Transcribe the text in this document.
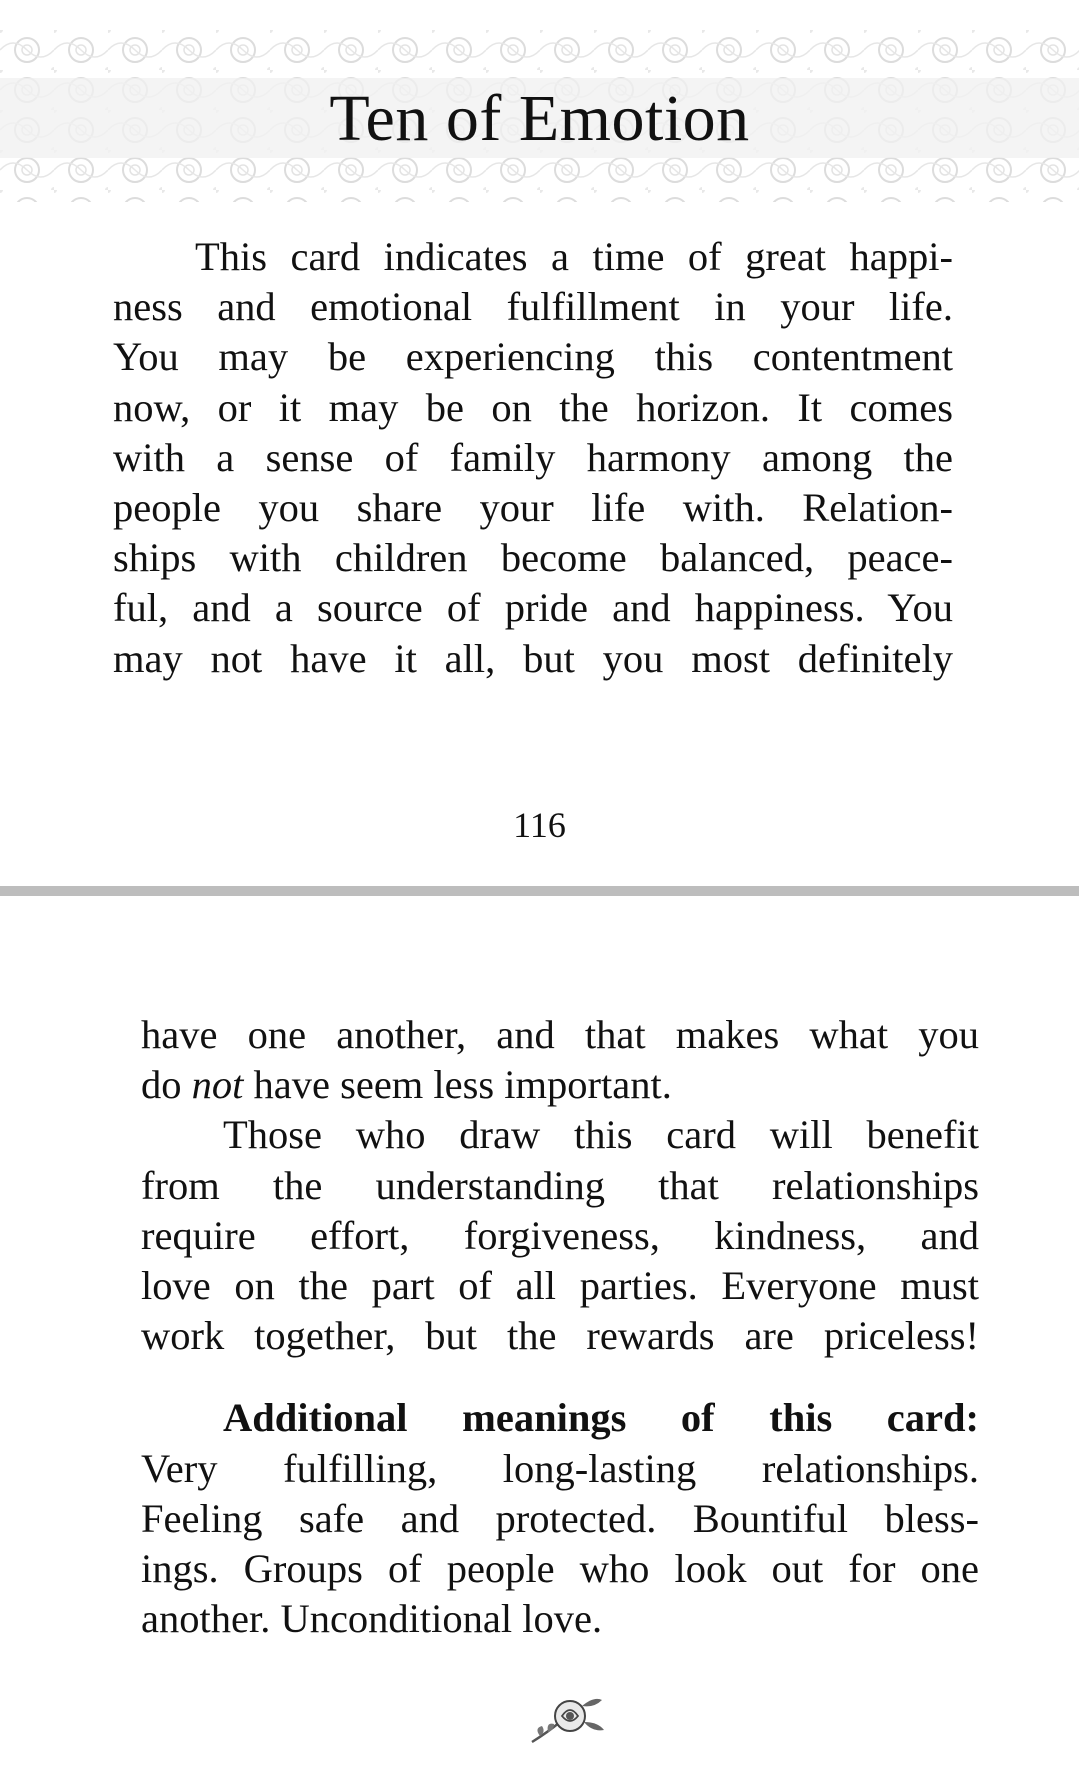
Ten of Emotion
This card indicates a time of great happi-
ness and emotional fulfillment in your life.
You may be experiencing this contentment
now, or it may be on the horizon. It comes
with a sense of family harmony among the
people you share your life with. Relation-
ships with children become balanced, peace-
ful, and a source of pride and happiness. You
may not have it all, but you most definitely
116
have one another, and that makes what you
do not have seem less important.
Those who draw this card will benefit
from the understanding that relationships
require effort, forgiveness, kindness, and
love on the part of all parties. Everyone must
work together, but the rewards are priceless!
Additional meanings of this card:
Very fulfilling, long-lasting relationships.
Feeling safe and protected. Bountiful bless-
ings. Groups of people who look out for one
another. Unconditional love.
